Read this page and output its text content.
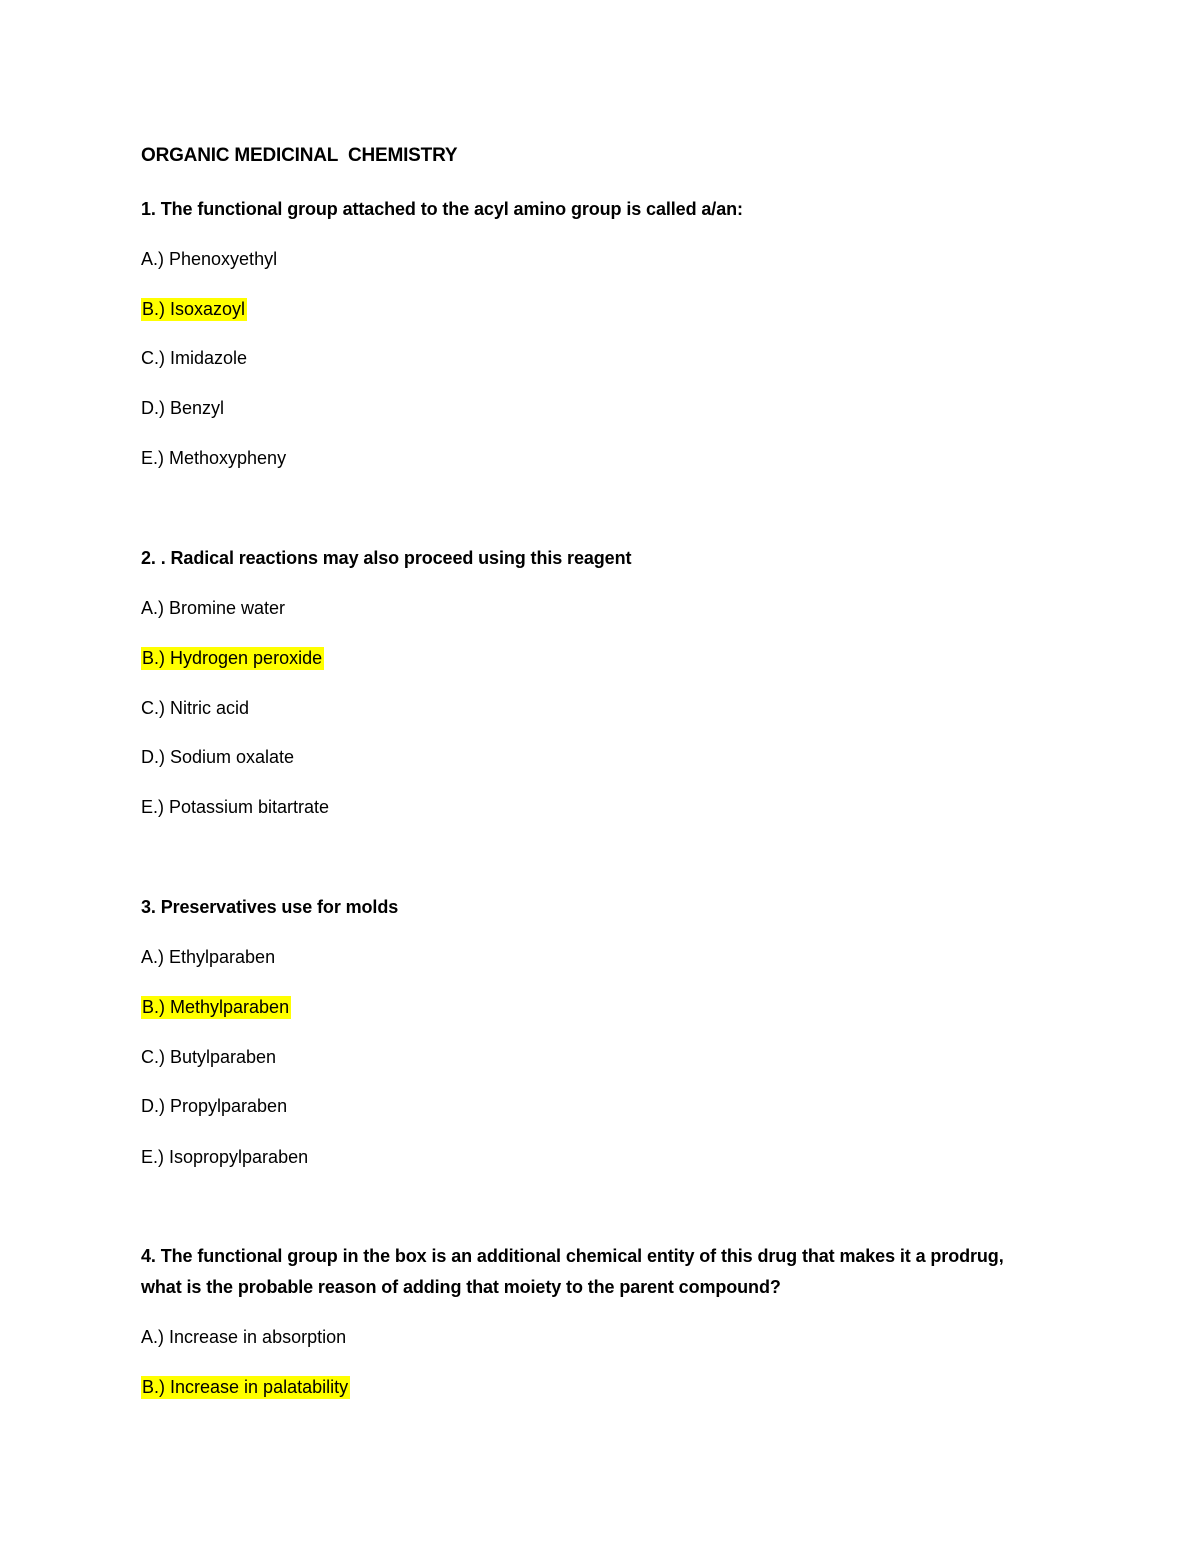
ORGANIC MEDICINAL  CHEMISTRY
1. The functional group attached to the acyl amino group is called a/an:
A.) Phenoxyethyl
B.) Isoxazoyl
C.) Imidazole
D.) Benzyl
E.) Methoxypheny
2. . Radical reactions may also proceed using this reagent
A.) Bromine water
B.) Hydrogen peroxide
C.) Nitric acid
D.) Sodium oxalate
E.) Potassium bitartrate
3. Preservatives use for molds
A.) Ethylparaben
B.) Methylparaben
C.) Butylparaben
D.) Propylparaben
E.) Isopropylparaben
4. The functional group in the box is an additional chemical entity of this drug that makes it a prodrug,
what is the probable reason of adding that moiety to the parent compound?
A.) Increase in absorption
B.) Increase in palatability
